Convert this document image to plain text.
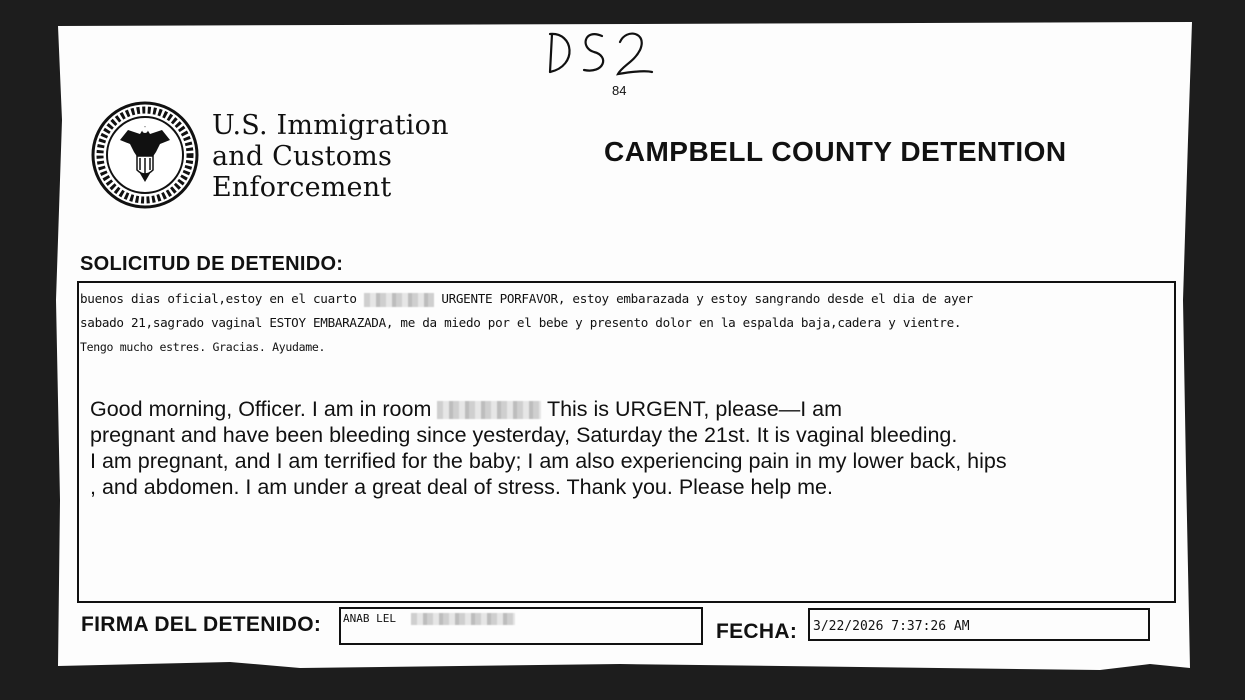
84
U.S. Immigration
and Customs
Enforcement
CAMPBELL COUNTY DETENTION
SOLICITUD DE DETENIDO:
buenos dias oficial,estoy en el cuarto	URGENTE PORFAVOR, estoy embarazada y estoy sangrando desde el dia de ayer
sabado 21,sagrado vaginal ESTOY EMBARAZADA, me da miedo por el bebe y presento dolor en la espalda baja,cadera y vientre.
Tengo mucho estres. Gracias. Ayudame.
Good morning, Officer. I am in room	This is URGENT, please—I am
pregnant and have been bleeding since yesterday, Saturday the 21st. It is vaginal bleeding.
I am pregnant, and I am terrified for the baby; I am also experiencing pain in my lower back, hips
, and abdomen. I am under a great deal of stress. Thank you. Please help me.
FIRMA DEL DETENIDO: ANAB LEL
FECHA: 3/22/2026 7:37:26 AM
